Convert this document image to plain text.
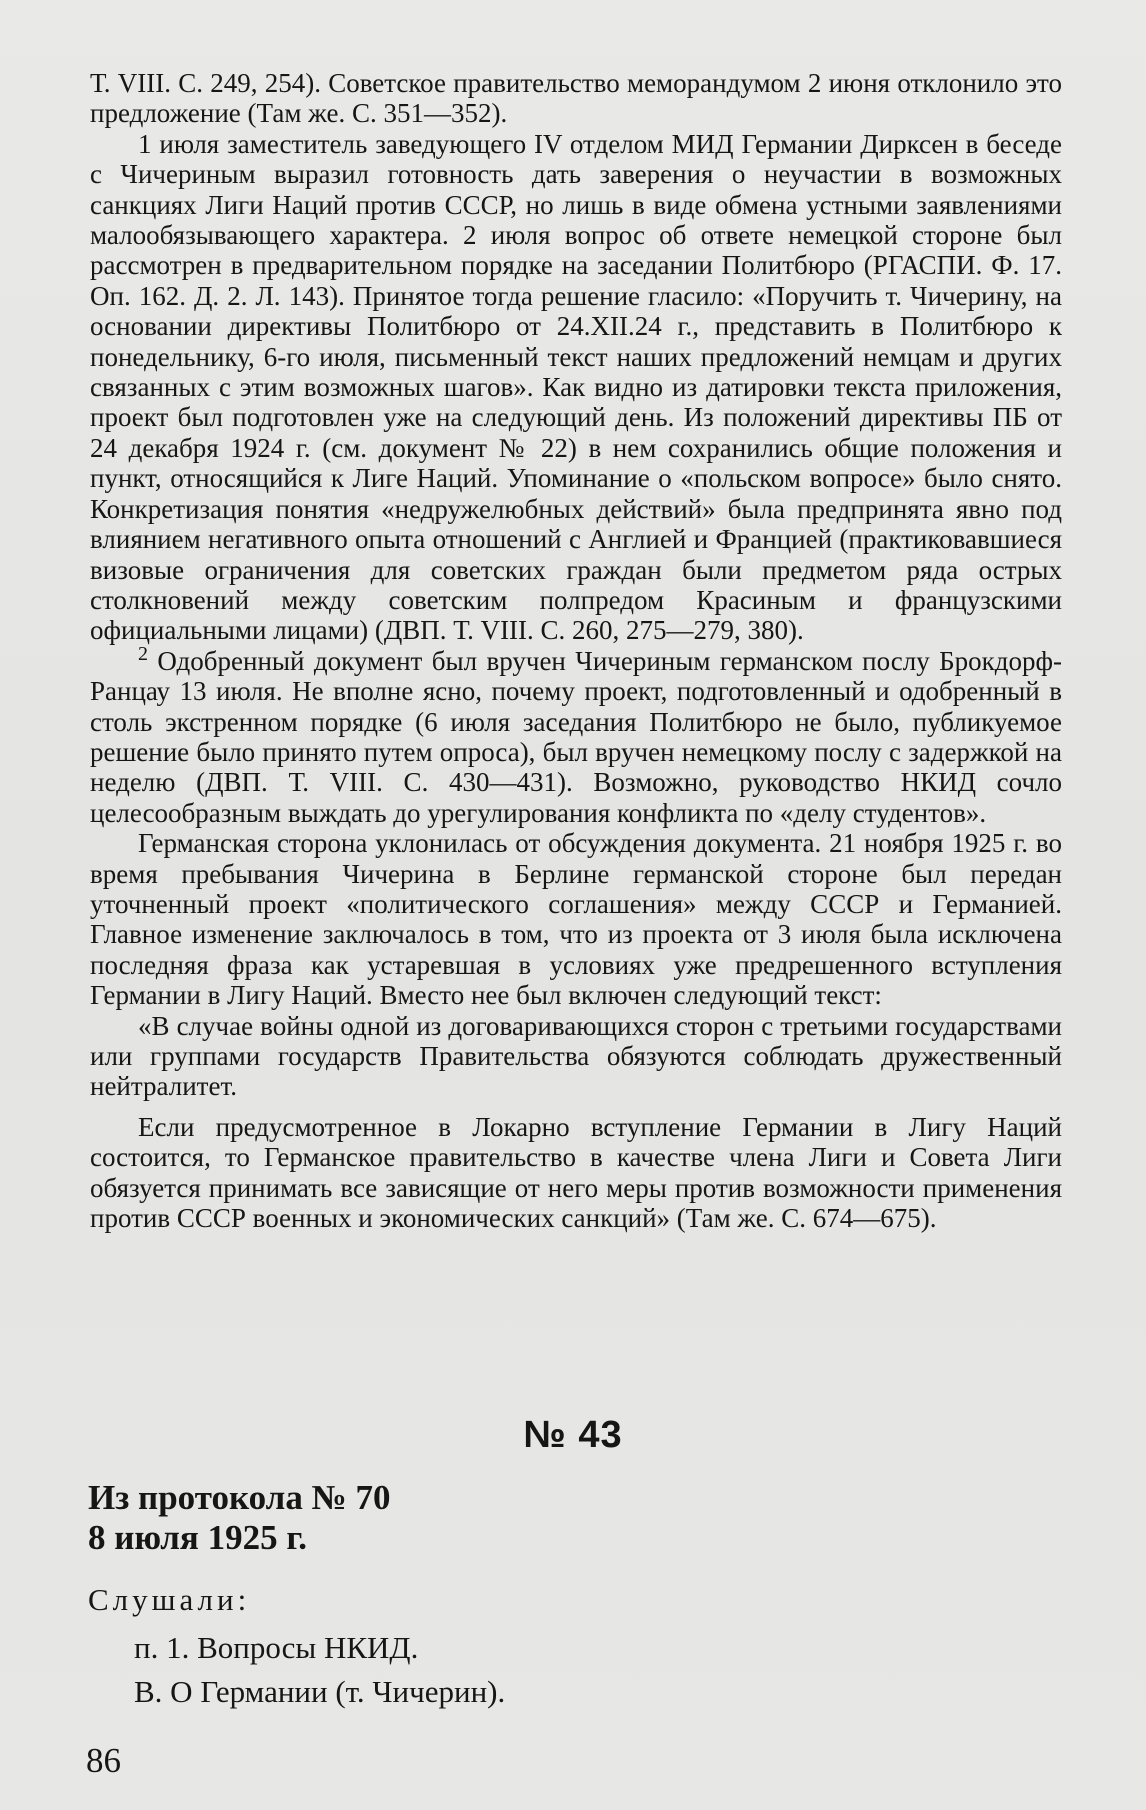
Т. VIII. С. 249, 254). Советское правительство меморандумом 2 июня отклонило это предложение (Там же. С. 351—352).

1 июля заместитель заведующего IV отделом МИД Германии Дирксен в беседе с Чичериным выразил готовность дать заверения о неучастии в возможных санкциях Лиги Наций против СССР, но лишь в виде обмена устными заявлениями малообязывающего характера. 2 июля вопрос об ответе немецкой стороне был рассмотрен в предварительном порядке на заседании Политбюро (РГАСПИ. Ф. 17. Оп. 162. Д. 2. Л. 143). Принятое тогда решение гласило: «Поручить т. Чичерину, на основании директивы Политбюро от 24.XII.24 г., представить в Политбюро к понедельнику, 6-го июля, письменный текст наших предложений немцам и других связанных с этим возможных шагов». Как видно из датировки текста приложения, проект был подготовлен уже на следующий день. Из положений директивы ПБ от 24 декабря 1924 г. (см. документ № 22) в нем сохранились общие положения и пункт, относящийся к Лиге Наций. Упоминание о «польском вопросе» было снято. Конкретизация понятия «недружелюбных действий» была предпринята явно под влиянием негативного опыта отношений с Англией и Францией (практиковавшиеся визовые ограничения для советских граждан были предметом ряда острых столкновений между советским полпредом Красиным и французскими официальными лицами) (ДВП. Т. VIII. С. 260, 275—279, 380).

$^2$ Одобренный документ был вручен Чичериным германском послу Брокдорф-Ранцау 13 июля. Не вполне ясно, почему проект, подготовленный и одобренный в столь экстренном порядке (6 июля заседания Политбюро не было, публикуемое решение было принято путем опроса), был вручен немецкому послу с задержкой на неделю (ДВП. Т. VIII. С. 430—431). Возможно, руководство НКИД сочло целесообразным выждать до урегулирования конфликта по «делу студентов».

Германская сторона уклонилась от обсуждения документа. 21 ноября 1925 г. во время пребывания Чичерина в Берлине германской стороне был передан уточненный проект «политического соглашения» между СССР и Германией. Главное изменение заключалось в том, что из проекта от 3 июля была исключена последняя фраза как устаревшая в условиях уже предрешенного вступления Германии в Лигу Наций. Вместо нее был включен следующий текст:

«В случае войны одной из договаривающихся сторон с третьими государствами или группами государств Правительства обязуются соблюдать дружественный нейтралитет.

Если предусмотренное в Локарно вступление Германии в Лигу Наций состоится, то Германское правительство в качестве члена Лиги и Совета Лиги обязуется принимать все зависящие от него меры против возможности применения против СССР военных и экономических санкций» (Там же. С. 674—675).

№ 43
Из протокола № 70
8 июля 1925 г.
Слушали:
п. 1. Вопросы НКИД.
В. О Германии (т. Чичерин).
86
